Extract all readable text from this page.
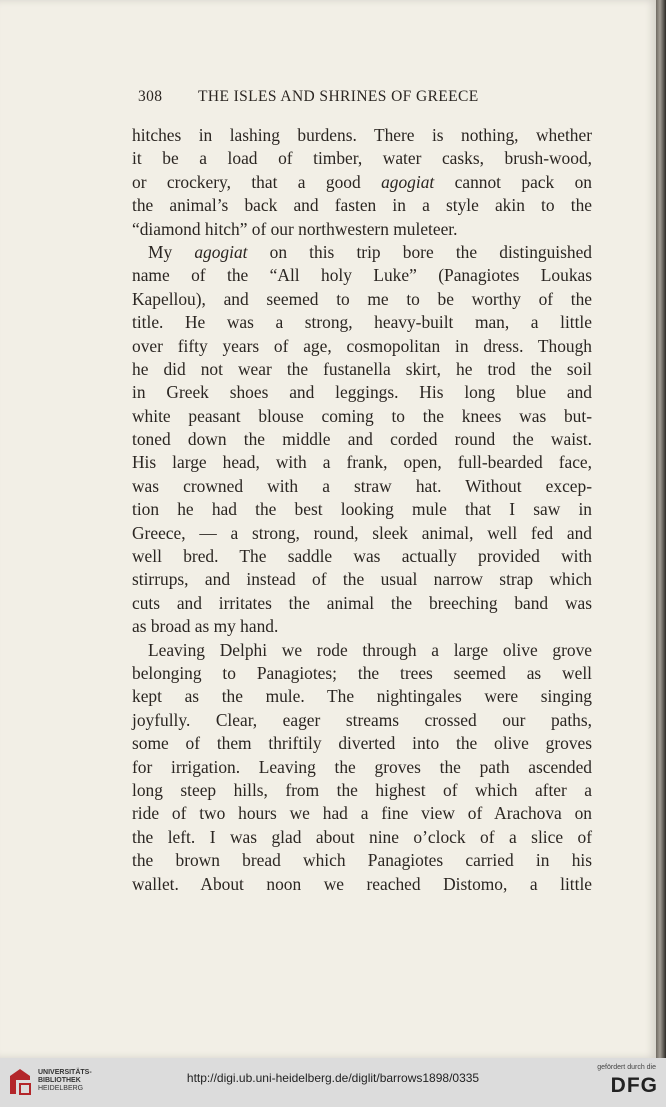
308 THE ISLES AND SHRINES OF GREECE
hitches in lashing burdens. There is nothing, whether
it be a load of timber, water casks, brush-wood,
or crockery, that a good agogiat cannot pack on
the animal’s back and fasten in a style akin to the
“diamond hitch” of our northwestern muleteer.
My agogiat on this trip bore the distinguished
name of the “All holy Luke” (Panagiotes Loukas
Kapellou), and seemed to me to be worthy of the
title. He was a strong, heavy-built man, a little
over fifty years of age, cosmopolitan in dress. Though
he did not wear the fustanella skirt, he trod the soil
in Greek shoes and leggings. His long blue and
white peasant blouse coming to the knees was but-
toned down the middle and corded round the waist.
His large head, with a frank, open, full-bearded face,
was crowned with a straw hat. Without excep-
tion he had the best looking mule that I saw in
Greece, — a strong, round, sleek animal, well fed and
well bred. The saddle was actually provided with
stirrups, and instead of the usual narrow strap which
cuts and irritates the animal the breeching band was
as broad as my hand.
Leaving Delphi we rode through a large olive grove
belonging to Panagiotes; the trees seemed as well
kept as the mule. The nightingales were singing
joyfully. Clear, eager streams crossed our paths,
some of them thriftily diverted into the olive groves
for irrigation. Leaving the groves the path ascended
long steep hills, from the highest of which after a
ride of two hours we had a fine view of Arachova on
the left. I was glad about nine o’clock of a slice of
the brown bread which Panagiotes carried in his
wallet. About noon we reached Distomo, a little
UNIVERSITÄTS-
BIBLIOTHEK
HEIDELBERG
http://digi.ub.uni-heidelberg.de/diglit/barrows1898/0335
gefördert durch die
DFG
